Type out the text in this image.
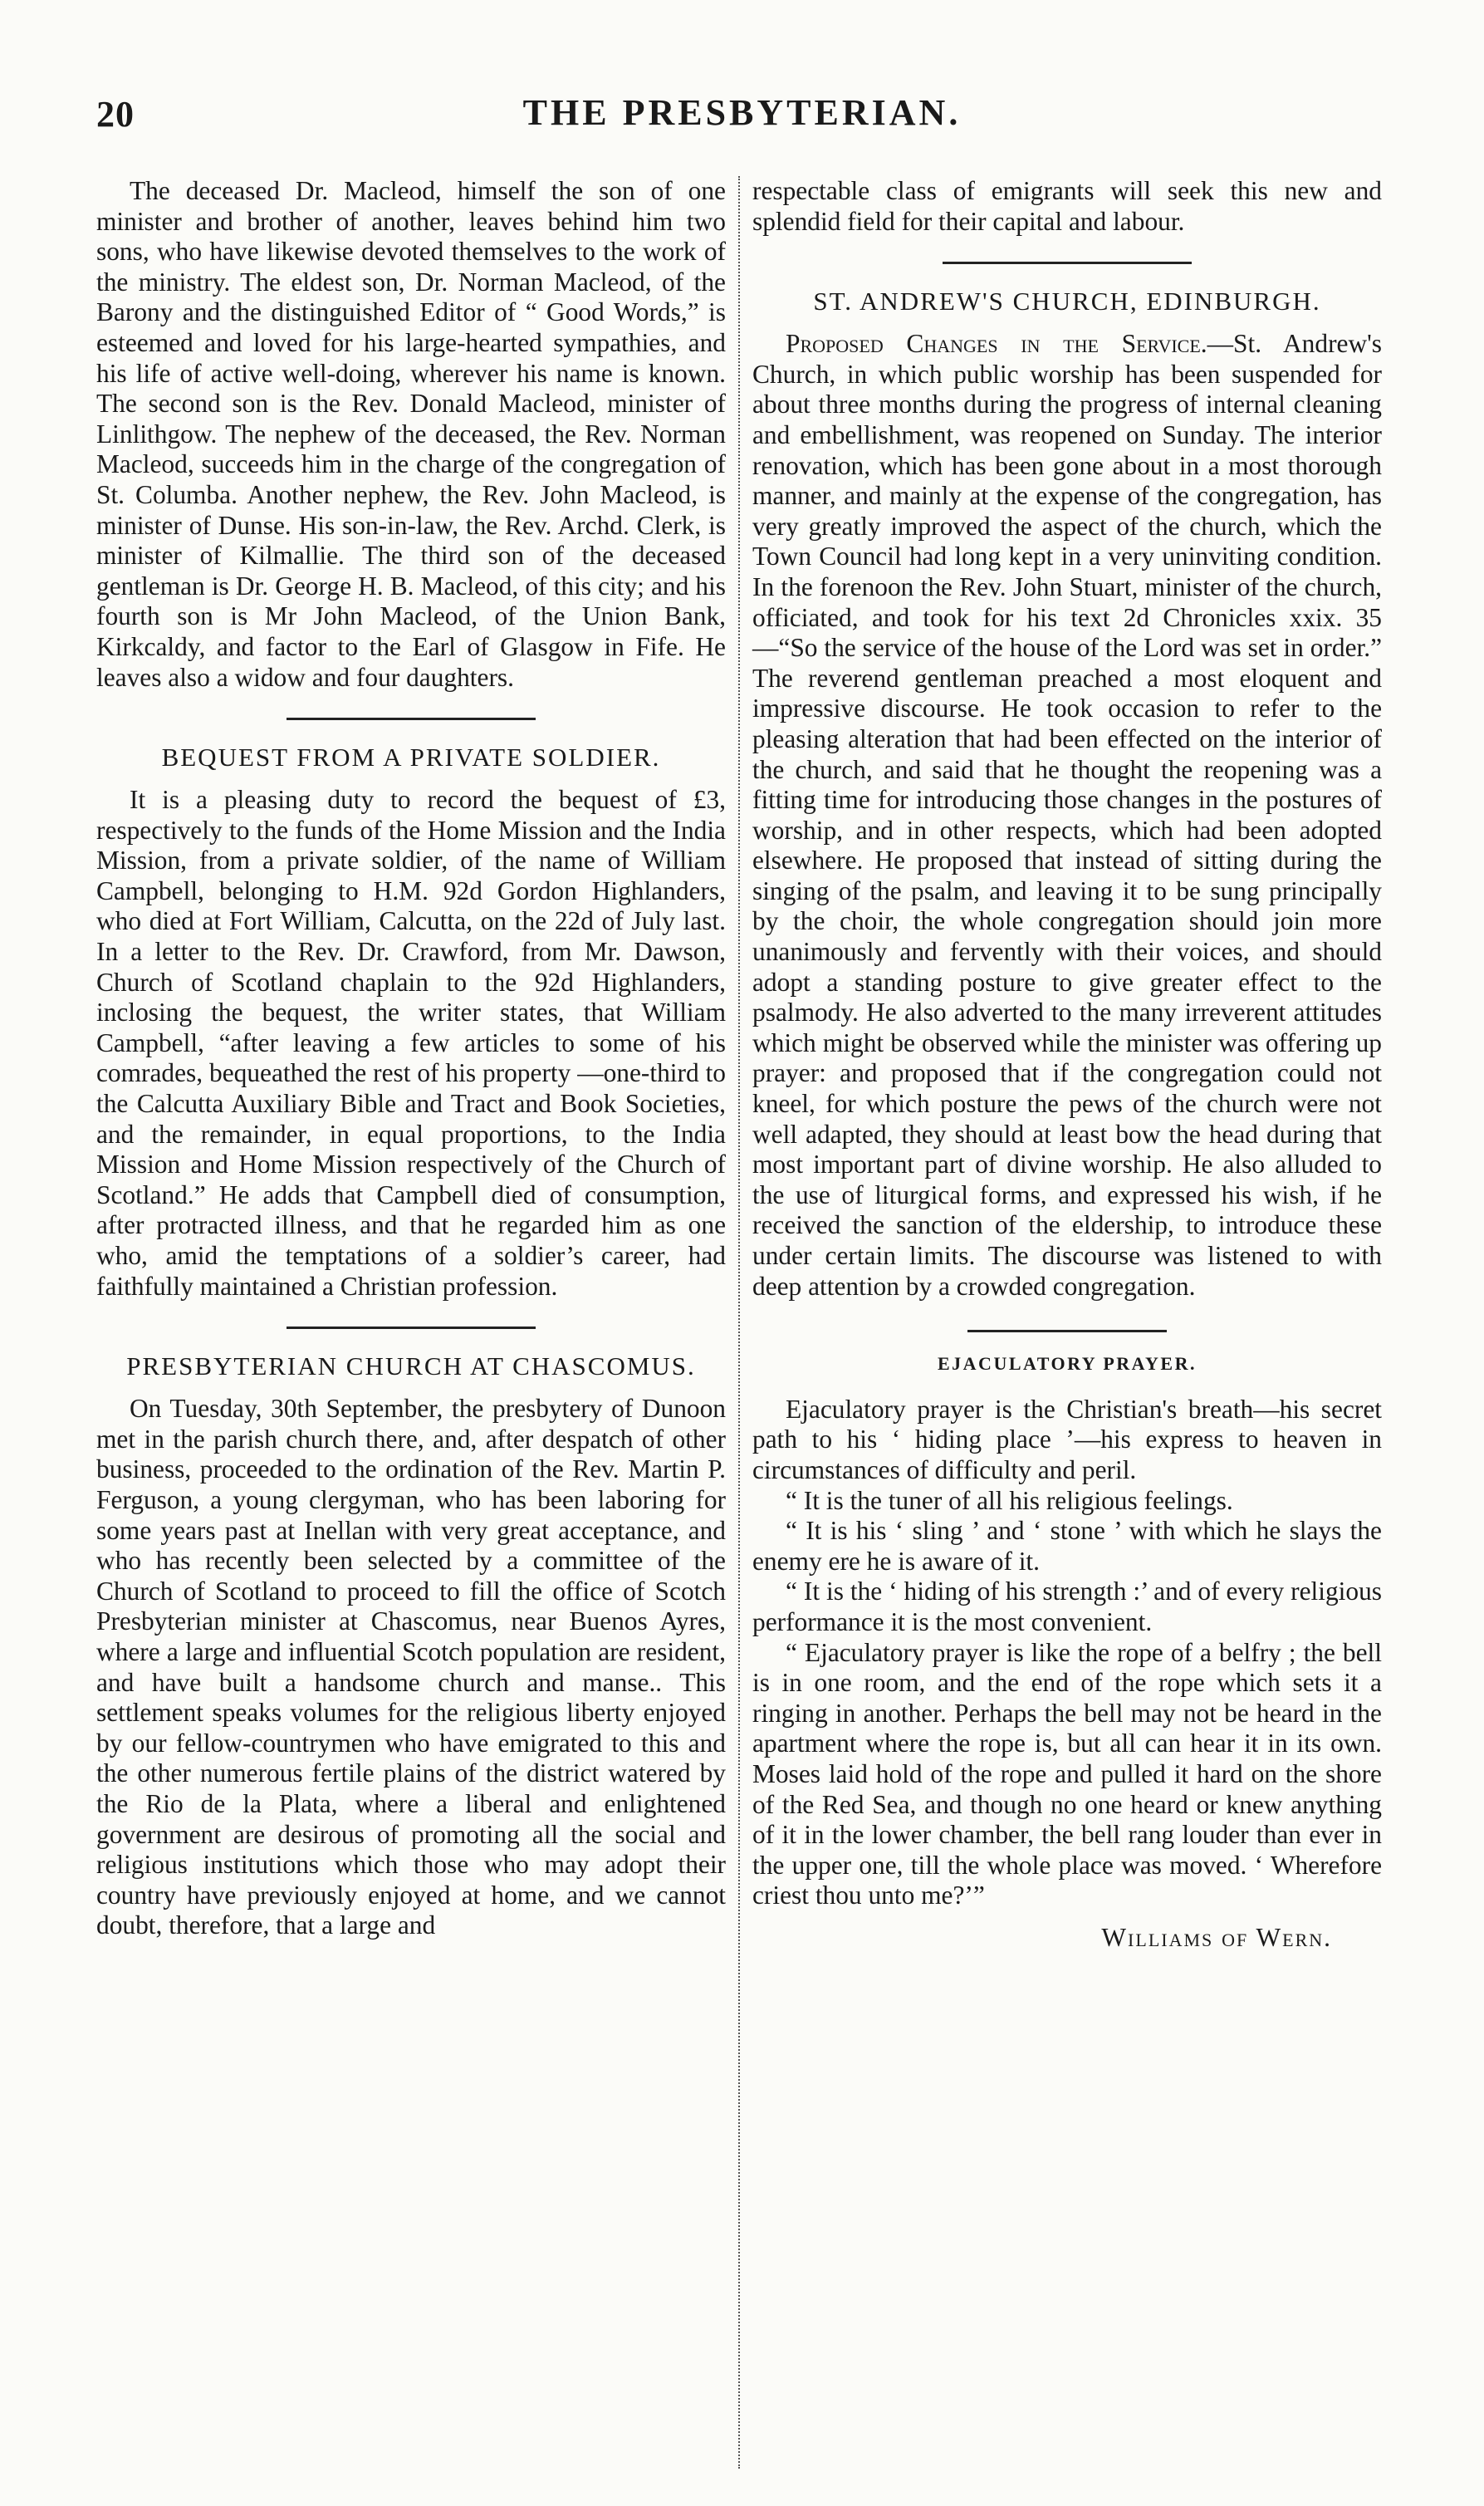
20	THE PRESBYTERIAN.

The deceased Dr. Macleod, himself the son of one minister and brother of another, leaves behind him two sons, who have likewise devoted themselves to the work of the ministry. The eldest son, Dr. Norman Macleod, of the Barony and the distinguished Editor of “ Good Words,” is esteemed and loved for his large-hearted sympathies, and his life of active well-doing, wherever his name is known. The second son is the Rev. Donald Macleod, minister of Linlithgow. The nephew of the deceased, the Rev. Norman Macleod, succeeds him in the charge of the congregation of St. Columba. Another nephew, the Rev. John Macleod, is minister of Dunse. His son-in-law, the Rev. Archd. Clerk, is minister of Kilmallie. The third son of the deceased gentleman is Dr. George H. B. Macleod, of this city; and his fourth son is Mr John Macleod, of the Union Bank, Kirkcaldy, and factor to the Earl of Glasgow in Fife. He leaves also a widow and four daughters.

BEQUEST FROM A PRIVATE SOLDIER.

It is a pleasing duty to record the bequest of £3, respectively to the funds of the Home Mission and the India Mission, from a private soldier, of the name of William Campbell, belonging to H.M. 92d Gordon Highlanders, who died at Fort William, Calcutta, on the 22d of July last. In a letter to the Rev. Dr. Crawford, from Mr. Dawson, Church of Scotland chaplain to the 92d Highlanders, inclosing the bequest, the writer states, that William Campbell, “after leaving a few articles to some of his comrades, bequeathed the rest of his property —one-third to the Calcutta Auxiliary Bible and Tract and Book Societies, and the remainder, in equal proportions, to the India Mission and Home Mission respectively of the Church of Scotland.” He adds that Campbell died of consumption, after protracted illness, and that he regarded him as one who, amid the temptations of a soldier’s career, had faithfully maintained a Christian profession.

PRESBYTERIAN CHURCH AT CHASCOMUS.

On Tuesday, 30th September, the presbytery of Dunoon met in the parish church there, and, after despatch of other business, proceeded to the ordination of the Rev. Martin P. Ferguson, a young clergyman, who has been laboring for some years past at Inellan with very great acceptance, and who has recently been selected by a committee of the Church of Scotland to proceed to fill the office of Scotch Presbyterian minister at Chascomus, near Buenos Ayres, where a large and influential Scotch population are resident, and have built a handsome church and manse.. This settlement speaks volumes for the religious liberty enjoyed by our fellow-countrymen who have emigrated to this and the other numerous fertile plains of the district watered by the Rio de la Plata, where a liberal and enlightened government are desirous of promoting all the social and religious institutions which those who may adopt their country have previously enjoyed at home, and we cannot doubt, therefore, that a large and

respectable class of emigrants will seek this new and splendid field for their capital and labour.

ST. ANDREW'S CHURCH, EDINBURGH.

Proposed Changes in the Service.—St. Andrew's Church, in which public worship has been suspended for about three months during the progress of internal cleaning and embellishment, was reopened on Sunday. The interior renovation, which has been gone about in a most thorough manner, and mainly at the expense of the congregation, has very greatly improved the aspect of the church, which the Town Council had long kept in a very uninviting condition. In the forenoon the Rev. John Stuart, minister of the church, officiated, and took for his text 2d Chronicles xxix. 35—“So the service of the house of the Lord was set in order.” The reverend gentleman preached a most eloquent and impressive discourse. He took occasion to refer to the pleasing alteration that had been effected on the interior of the church, and said that he thought the reopening was a fitting time for introducing those changes in the postures of worship, and in other respects, which had been adopted elsewhere. He proposed that instead of sitting during the singing of the psalm, and leaving it to be sung principally by the choir, the whole congregation should join more unanimously and fervently with their voices, and should adopt a standing posture to give greater effect to the psalmody. He also adverted to the many irreverent attitudes which might be observed while the minister was offering up prayer: and proposed that if the congregation could not kneel, for which posture the pews of the church were not well adapted, they should at least bow the head during that most important part of divine worship. He also alluded to the use of liturgical forms, and expressed his wish, if he received the sanction of the eldership, to introduce these under certain limits. The discourse was listened to with deep attention by a crowded congregation.

EJACULATORY PRAYER.

Ejaculatory prayer is the Christian's breath—his secret path to his ‘ hiding place ’—his express to heaven in circumstances of difficulty and peril.

“ It is the tuner of all his religious feelings.

“ It is his ‘ sling ’ and ‘ stone ’ with which he slays the enemy ere he is aware of it.

“ It is the ‘ hiding of his strength :’ and of every religious performance it is the most convenient.

“ Ejaculatory prayer is like the rope of a belfry ; the bell is in one room, and the end of the rope which sets it a ringing in another. Perhaps the bell may not be heard in the apartment where the rope is, but all can hear it in its own. Moses laid hold of the rope and pulled it hard on the shore of the Red Sea, and though no one heard or knew anything of it in the lower chamber, the bell rang louder than ever in the upper one, till the whole place was moved. ‘ Wherefore criest thou unto me?’”

Williams of Wern.
